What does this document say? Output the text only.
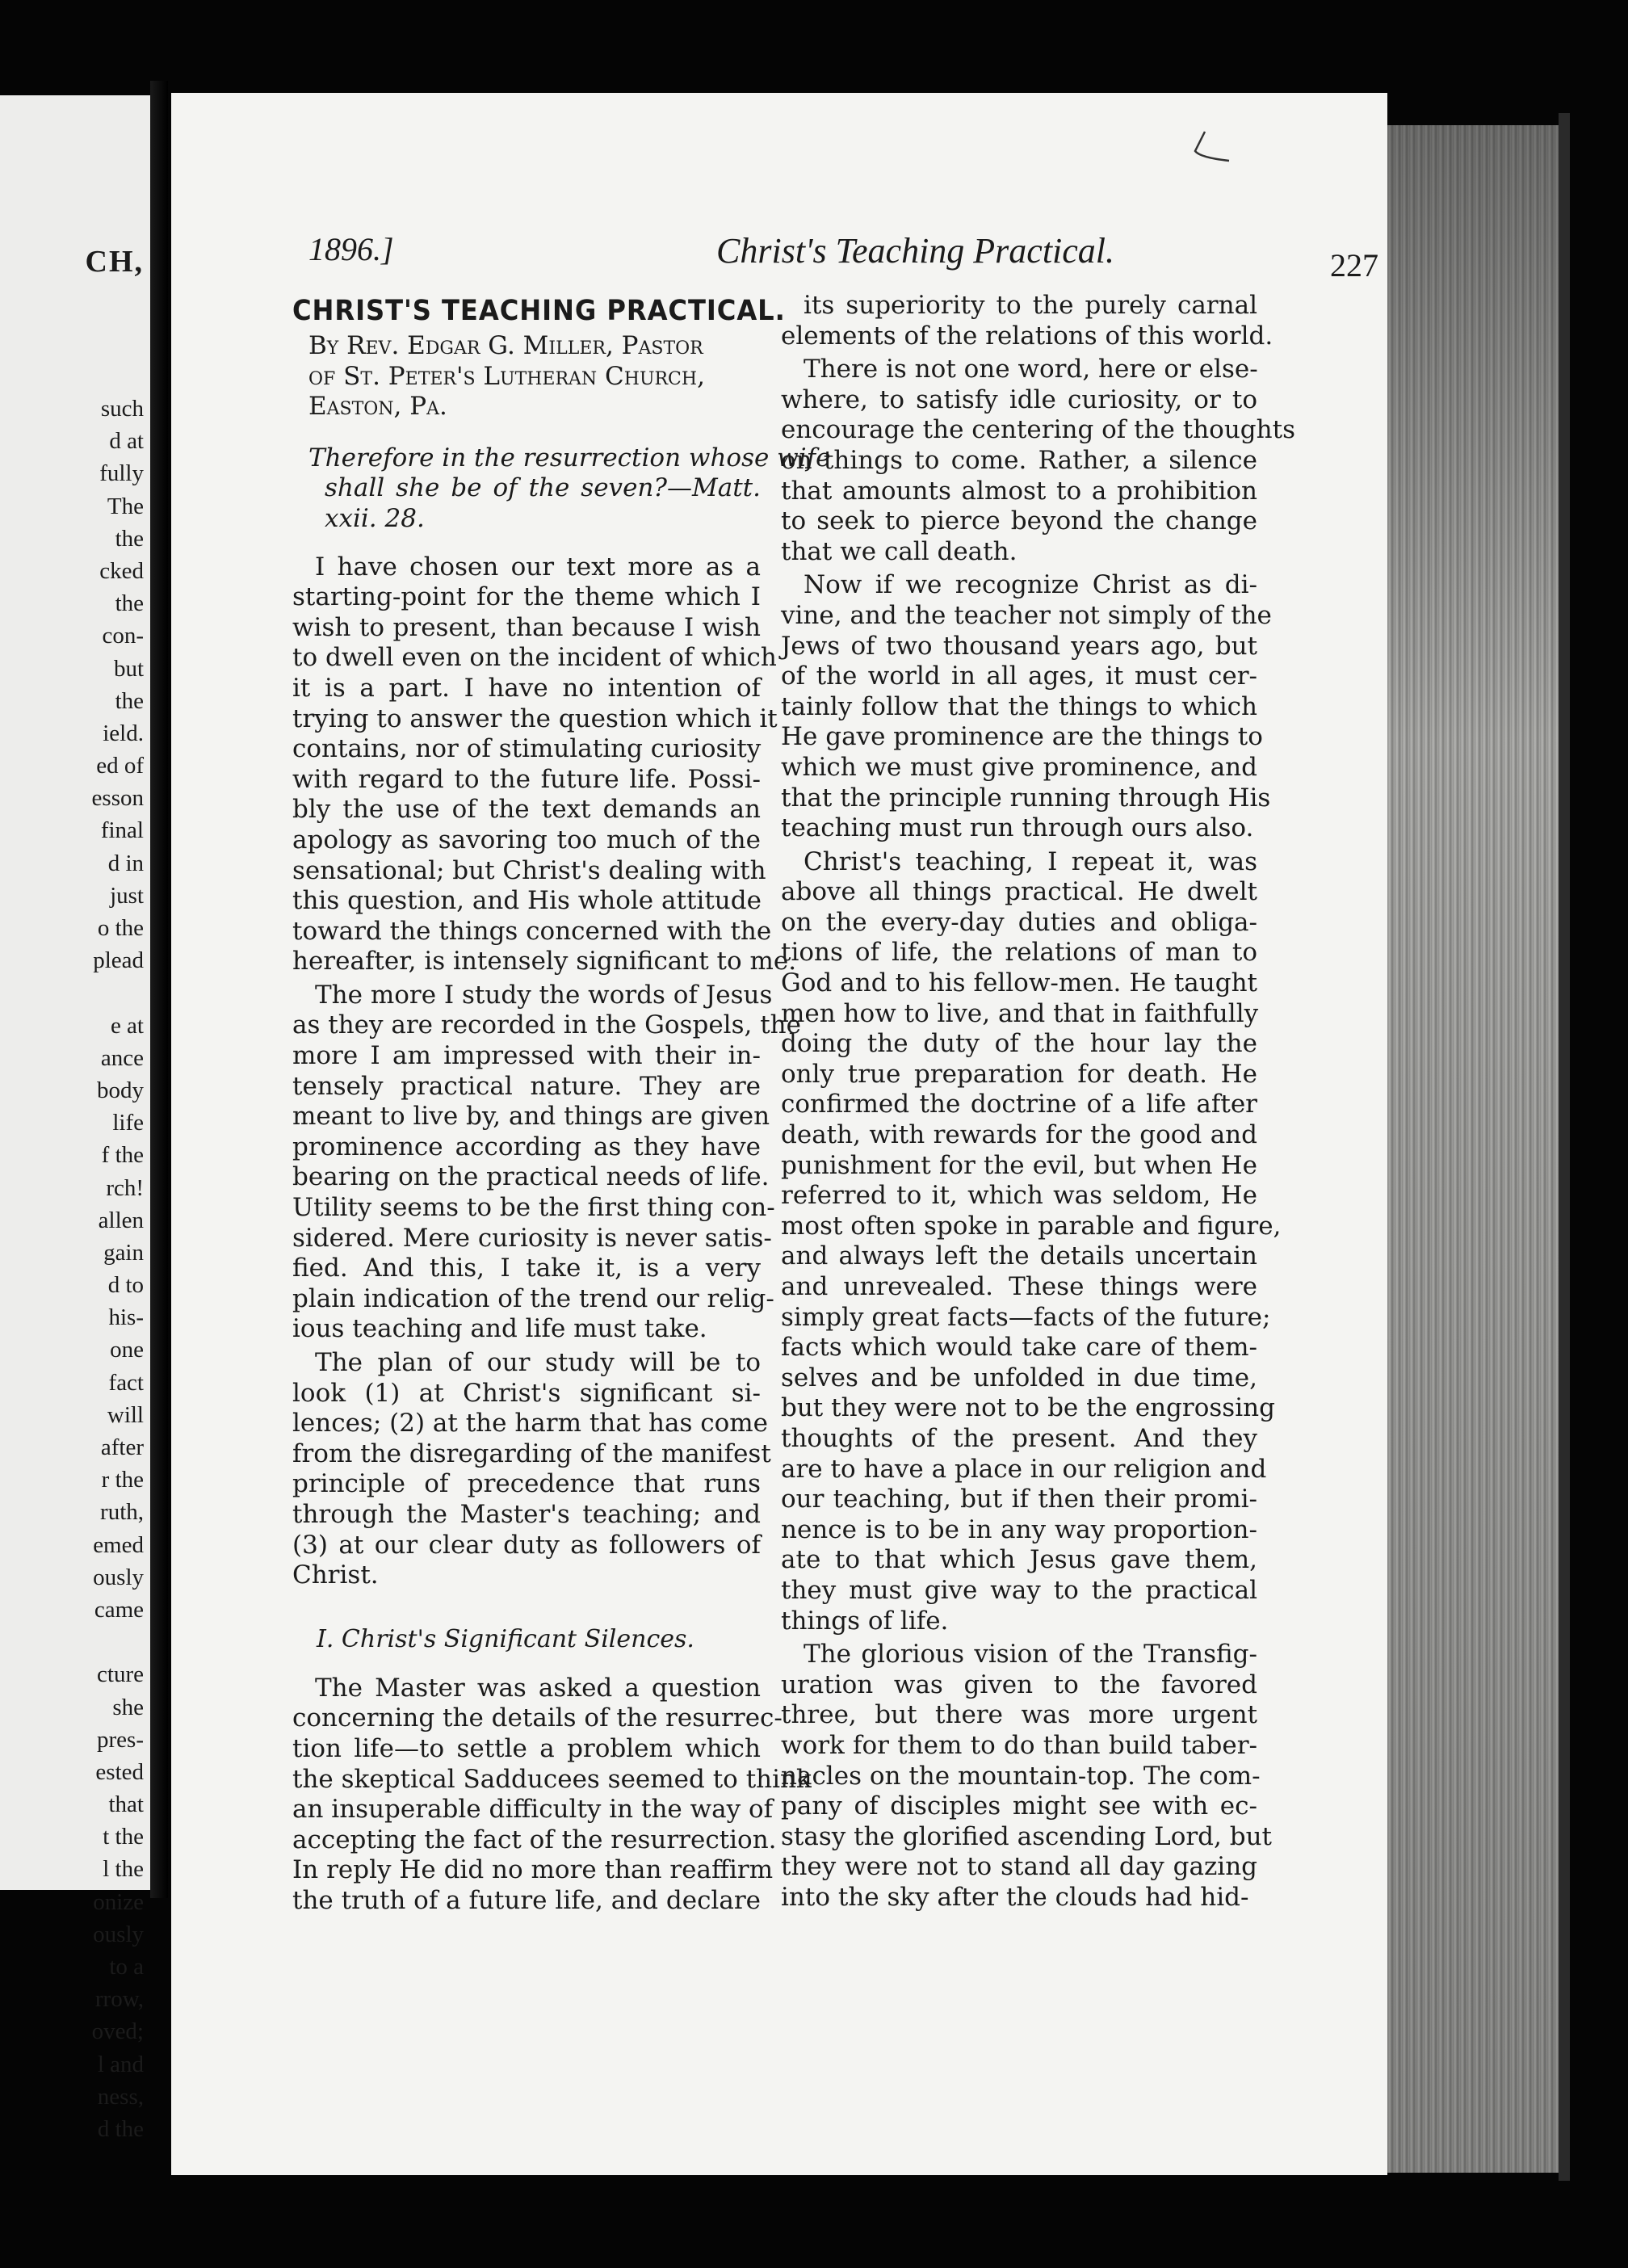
CH,
such
d at
fully
The
the
cked
the
con-
but
the
ield.
ed of
esson
final
d in
just
o the
plead
e at
ance
body
life
f the
rch!
allen
gain
d to
his-
one
fact
will
after
r the
ruth,
emed
ously
came
cture
she
pres-
ested
that
t the
l the
onize
ously
to a
rrow,
oved;
l and
ness,
d the
1896.]	Christ's Teaching Practical.	227
CHRIST'S TEACHING PRACTICAL.
By Rev. Edgar G. Miller, Pastor
of St. Peter's Lutheran Church,
Easton, Pa.
Therefore in the resurrection whose wife
shall she be of the seven?—Matt.
xxii. 28.
I have chosen our text more as a
starting-point for the theme which I
wish to present, than because I wish
to dwell even on the incident of which
it is a part. I have no intention of
trying to answer the question which it
contains, nor of stimulating curiosity
with regard to the future life. Possi-
bly the use of the text demands an
apology as savoring too much of the
sensational; but Christ's dealing with
this question, and His whole attitude
toward the things concerned with the
hereafter, is intensely significant to me.
The more I study the words of Jesus
as they are recorded in the Gospels, the
more I am impressed with their in-
tensely practical nature. They are
meant to live by, and things are given
prominence according as they have
bearing on the practical needs of life.
Utility seems to be the first thing con-
sidered. Mere curiosity is never satis-
fied. And this, I take it, is a very
plain indication of the trend our relig-
ious teaching and life must take.
The plan of our study will be to
look (1) at Christ's significant si-
lences; (2) at the harm that has come
from the disregarding of the manifest
principle of precedence that runs
through the Master's teaching; and
(3) at our clear duty as followers of
Christ.
I. Christ's Significant Silences.
The Master was asked a question
concerning the details of the resurrec-
tion life—to settle a problem which
the skeptical Sadducees seemed to think
an insuperable difficulty in the way of
accepting the fact of the resurrection.
In reply He did no more than reaffirm
the truth of a future life, and declare
its superiority to the purely carnal
elements of the relations of this world.
There is not one word, here or else-
where, to satisfy idle curiosity, or to
encourage the centering of the thoughts
on things to come. Rather, a silence
that amounts almost to a prohibition
to seek to pierce beyond the change
that we call death.
Now if we recognize Christ as di-
vine, and the teacher not simply of the
Jews of two thousand years ago, but
of the world in all ages, it must cer-
tainly follow that the things to which
He gave prominence are the things to
which we must give prominence, and
that the principle running through His
teaching must run through ours also.
Christ's teaching, I repeat it, was
above all things practical. He dwelt
on the every-day duties and obliga-
tions of life, the relations of man to
God and to his fellow-men. He taught
men how to live, and that in faithfully
doing the duty of the hour lay the
only true preparation for death. He
confirmed the doctrine of a life after
death, with rewards for the good and
punishment for the evil, but when He
referred to it, which was seldom, He
most often spoke in parable and figure,
and always left the details uncertain
and unrevealed. These things were
simply great facts—facts of the future;
facts which would take care of them-
selves and be unfolded in due time,
but they were not to be the engrossing
thoughts of the present. And they
are to have a place in our religion and
our teaching, but if then their promi-
nence is to be in any way proportion-
ate to that which Jesus gave them,
they must give way to the practical
things of life.
The glorious vision of the Transfig-
uration was given to the favored
three, but there was more urgent
work for them to do than build taber-
nacles on the mountain-top. The com-
pany of disciples might see with ec-
stasy the glorified ascending Lord, but
they were not to stand all day gazing
into the sky after the clouds had hid-
